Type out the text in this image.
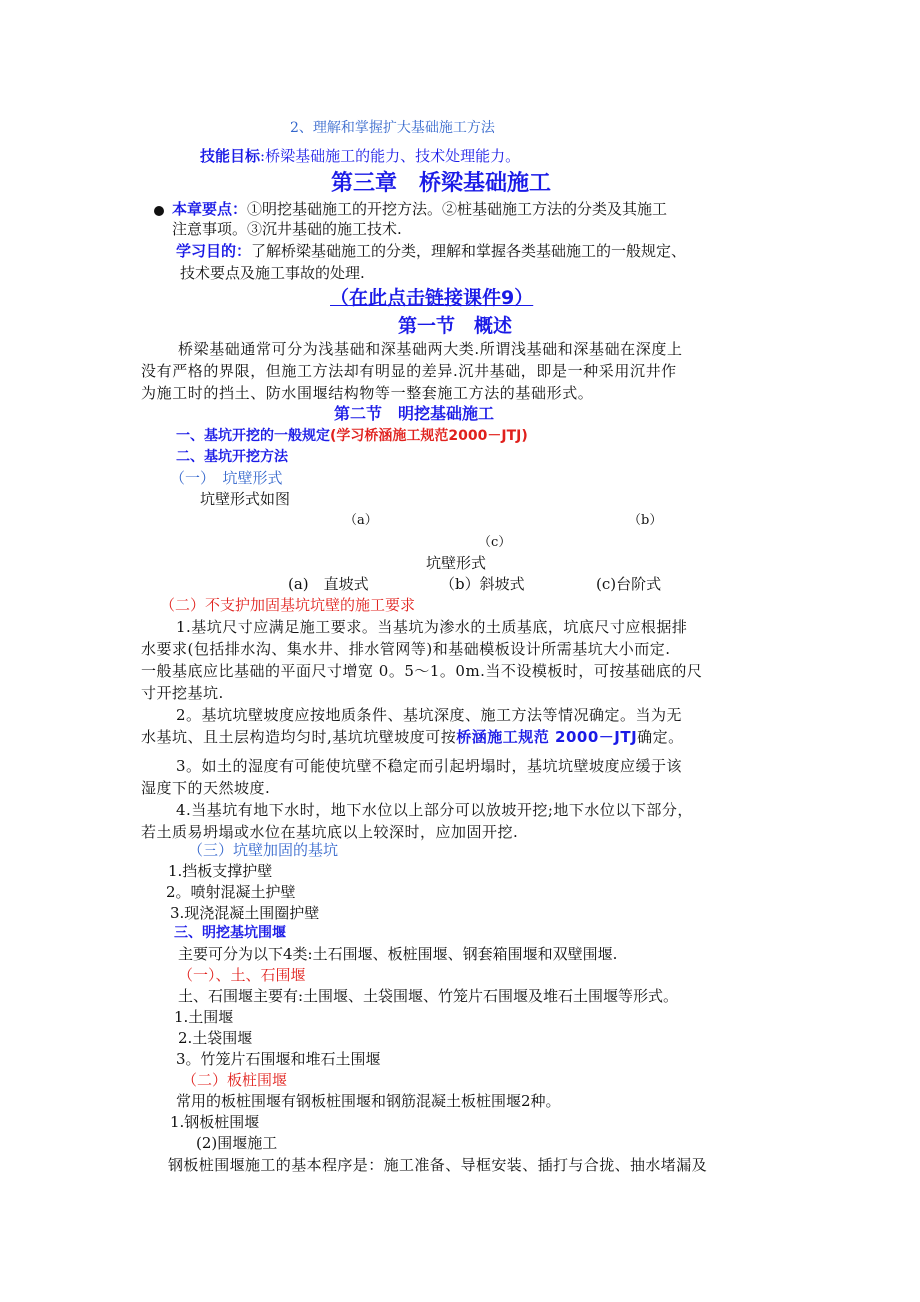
2、理解和掌握扩大基础施工方法
技能目标:桥梁基础施工的能力、技术处理能力。
第三章　桥梁基础施工
本章要点：①明挖基础施工的开挖方法。②桩基础施工方法的分类及其施工
注意事项。③沉井基础的施工技术.
学习目的：了解桥梁基础施工的分类，理解和掌握各类基础施工的一般规定、
技术要点及施工事故的处理.
（在此点击链接课件9）
第一节　概述
桥梁基础通常可分为浅基础和深基础两大类.所谓浅基础和深基础在深度上
没有严格的界限，但施工方法却有明显的差异.沉井基础，即是一种采用沉井作
为施工时的挡土、防水围堰结构物等一整套施工方法的基础形式。
第二节　明挖基础施工
一、基坑开挖的一般规定(学习桥涵施工规范2000－JTJ)
二、基坑开挖方法
（一）　坑壁形式
坑壁形式如图
（a）	（b）
（c）
坑壁形式
(a)　直坡式	（b）斜坡式	(c)台阶式
（二）不支护加固基坑坑壁的施工要求
1.基坑尺寸应满足施工要求。当基坑为渗水的土质基底，坑底尺寸应根据排
水要求(包括排水沟、集水井、排水管网等)和基础模板设计所需基坑大小而定.
一般基底应比基础的平面尺寸增宽 0。5～1。0m.当不设模板时，可按基础底的尺
寸开挖基坑.
2。基坑坑壁坡度应按地质条件、基坑深度、施工方法等情况确定。当为无
水基坑、且土层构造均匀时,基坑坑壁坡度可按桥涵施工规范 2000－JTJ确定。
3。如土的湿度有可能使坑壁不稳定而引起坍塌时，基坑坑壁坡度应缓于该
湿度下的天然坡度.
4.当基坑有地下水时，地下水位以上部分可以放坡开挖;地下水位以下部分，
若土质易坍塌或水位在基坑底以上较深时，应加固开挖.
（三）坑壁加固的基坑
1.挡板支撑护壁
2。喷射混凝土护壁
3.现浇混凝土围圈护壁
三、明挖基坑围堰
主要可分为以下4类:土石围堰、板桩围堰、钢套箱围堰和双壁围堰.
（一）、土、石围堰
土、石围堰主要有:土围堰、土袋围堰、竹笼片石围堰及堆石土围堰等形式。
1.土围堰
2.土袋围堰
3。竹笼片石围堰和堆石土围堰
（二）板桩围堰
常用的板桩围堰有钢板桩围堰和钢筋混凝土板桩围堰2种。
1.钢板桩围堰
(2)围堰施工
钢板桩围堰施工的基本程序是：施工准备、导框安装、插打与合拢、抽水堵漏及
